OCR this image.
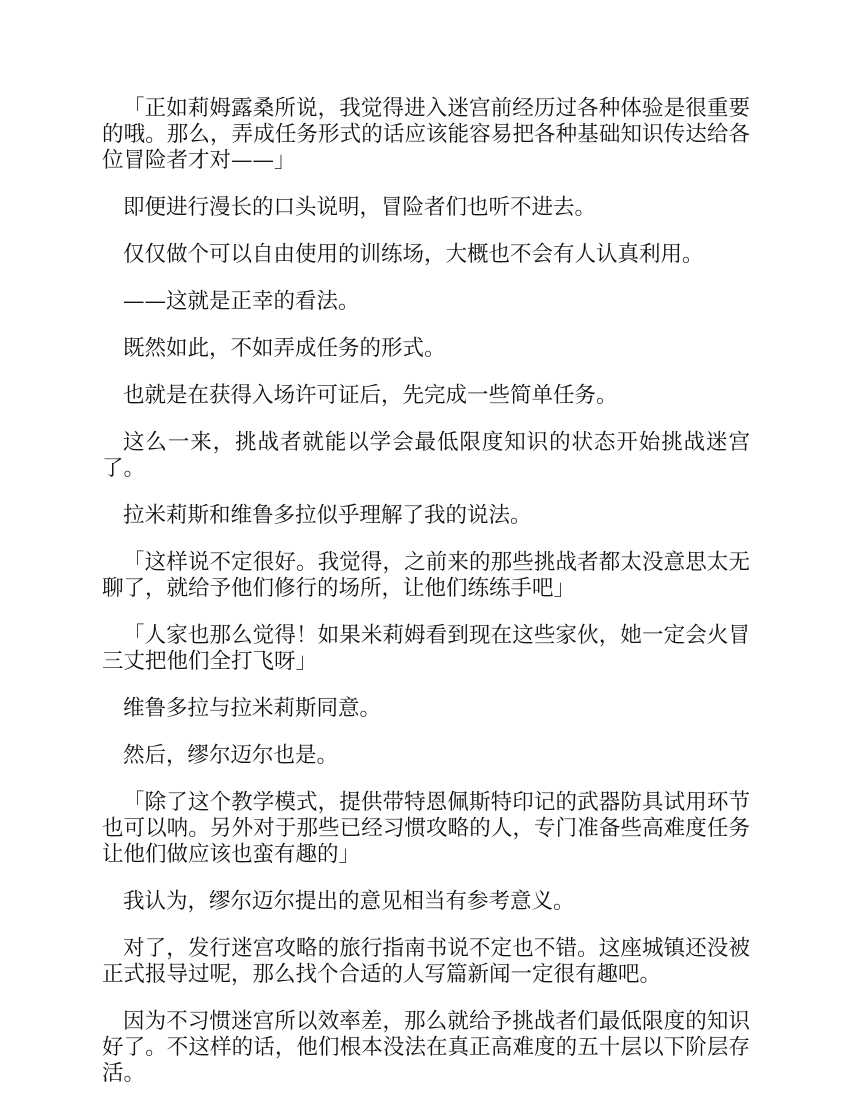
「正如莉姆露桑所说，我觉得进入迷宫前经历过各种体验是很重要的哦。那么，弄成任务形式的话应该能容易把各种基础知识传达给各位冒险者才对——」

即便进行漫长的口头说明，冒险者们也听不进去。

仅仅做个可以自由使用的训练场，大概也不会有人认真利用。

——这就是正幸的看法。

既然如此，不如弄成任务的形式。

也就是在获得入场许可证后，先完成一些简单任务。

这么一来，挑战者就能以学会最低限度知识的状态开始挑战迷宫了。

拉米莉斯和维鲁多拉似乎理解了我的说法。

「这样说不定很好。我觉得，之前来的那些挑战者都太没意思太无聊了，就给予他们修行的场所，让他们练练手吧」

「人家也那么觉得！如果米莉姆看到现在这些家伙，她一定会火冒三丈把他们全打飞呀」

维鲁多拉与拉米莉斯同意。

然后，缪尔迈尔也是。

「除了这个教学模式，提供带特恩佩斯特印记的武器防具试用环节也可以呐。另外对于那些已经习惯攻略的人，专门准备些高难度任务让他们做应该也蛮有趣的」

我认为，缪尔迈尔提出的意见相当有参考意义。

对了，发行迷宫攻略的旅行指南书说不定也不错。这座城镇还没被正式报导过呢，那么找个合适的人写篇新闻一定很有趣吧。

因为不习惯迷宫所以效率差，那么就给予挑战者们最低限度的知识好了。不这样的话，他们根本没法在真正高难度的五十层以下阶层存活。
